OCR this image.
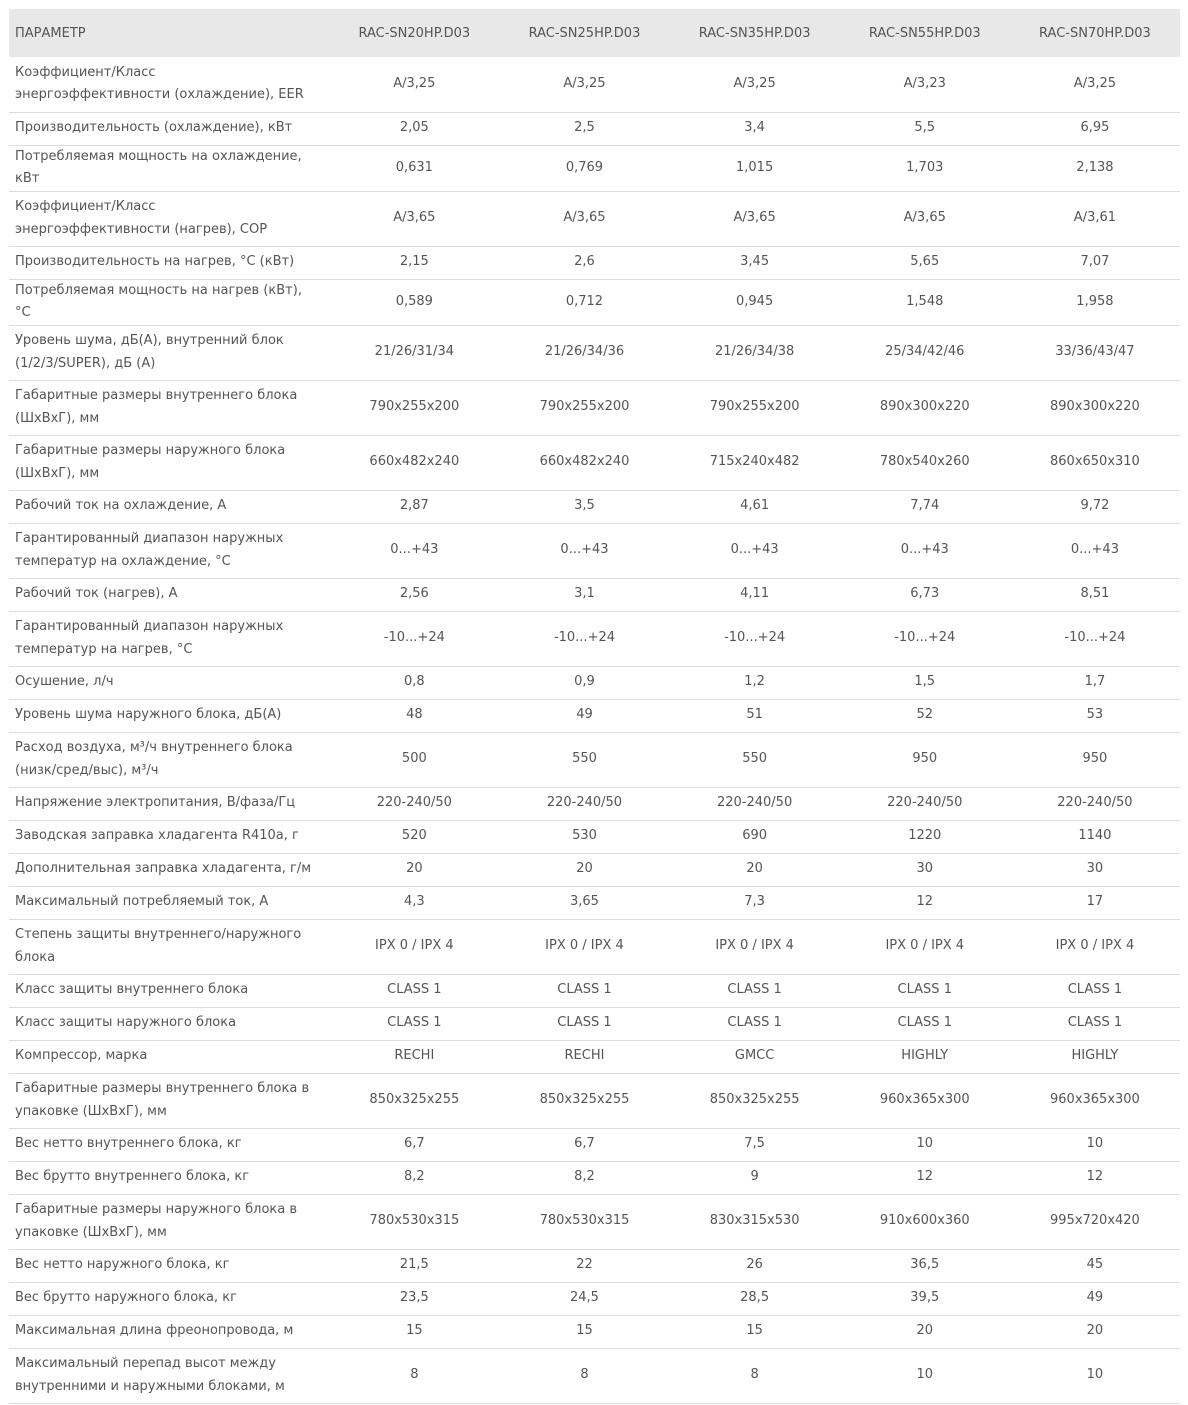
ПАРАМЕТР	RAC-SN20HP.D03	RAC-SN25HP.D03	RAC-SN35HP.D03	RAC-SN55HP.D03	RAC-SN70HP.D03
Коэффициент/Класс энергоэффективности (охлаждение), EER	A/3,25	A/3,25	A/3,25	A/3,23	A/3,25
Производительность (охлаждение), кВт	2,05	2,5	3,4	5,5	6,95
Потребляемая мощность на охлаждение, кВт	0,631	0,769	1,015	1,703	2,138
Коэффициент/Класс энергоэффективности (нагрев), COP	A/3,65	A/3,65	A/3,65	A/3,65	A/3,61
Производительность на нагрев, °С (кВт)	2,15	2,6	3,45	5,65	7,07
Потребляемая мощность на нагрев (кВт), °С	0,589	0,712	0,945	1,548	1,958
Уровень шума, дБ(А), внутренний блок (1/2/3/SUPER), дБ (А)	21/26/31/34	21/26/34/36	21/26/34/38	25/34/42/46	33/36/43/47
Габаритные размеры внутреннего блока (ШxВxГ), мм	790x255x200	790x255x200	790x255x200	890x300x220	890x300x220
Габаритные размеры наружного блока (ШxВxГ), мм	660x482x240	660x482x240	715x240x482	780x540x260	860x650x310
Рабочий ток на охлаждение, А	2,87	3,5	4,61	7,74	9,72
Гарантированный диапазон наружных температур на охлаждение, °С	0...+43	0...+43	0...+43	0...+43	0...+43
Рабочий ток (нагрев), А	2,56	3,1	4,11	6,73	8,51
Гарантированный диапазон наружных температур на нагрев, °С	-10...+24	-10...+24	-10...+24	-10...+24	-10...+24
Осушение, л/ч	0,8	0,9	1,2	1,5	1,7
Уровень шума наружного блока, дБ(А)	48	49	51	52	53
Расход воздуха, м³/ч внутреннего блока (низк/сред/выс), м³/ч	500	550	550	950	950
Напряжение электропитания, В/фаза/Гц	220-240/50	220-240/50	220-240/50	220-240/50	220-240/50
Заводская заправка хладагента R410a, г	520	530	690	1220	1140
Дополнительная заправка хладагента, г/м	20	20	20	30	30
Максимальный потребляемый ток, А	4,3	3,65	7,3	12	17
Степень защиты внутреннего/наружного блока	IPX 0 / IPX 4	IPX 0 / IPX 4	IPX 0 / IPX 4	IPX 0 / IPX 4	IPX 0 / IPX 4
Класс защиты внутреннего блока	CLASS 1	CLASS 1	CLASS 1	CLASS 1	CLASS 1
Класс защиты наружного блока	CLASS 1	CLASS 1	CLASS 1	CLASS 1	CLASS 1
Компрессор, марка	RECHI	RECHI	GMCC	HIGHLY	HIGHLY
Габаритные размеры внутреннего блока в упаковке (ШxВxГ), мм	850x325x255	850x325x255	850x325x255	960x365x300	960x365x300
Вес нетто внутреннего блока, кг	6,7	6,7	7,5	10	10
Вес брутто внутреннего блока, кг	8,2	8,2	9	12	12
Габаритные размеры наружного блока в упаковке (ШxВxГ), мм	780x530x315	780x530x315	830x315x530	910x600x360	995x720x420
Вес нетто наружного блока, кг	21,5	22	26	36,5	45
Вес брутто наружного блока, кг	23,5	24,5	28,5	39,5	49
Максимальная длина фреонопровода, м	15	15	15	20	20
Максимальный перепад высот между внутренними и наружными блоками, м	8	8	8	10	10
